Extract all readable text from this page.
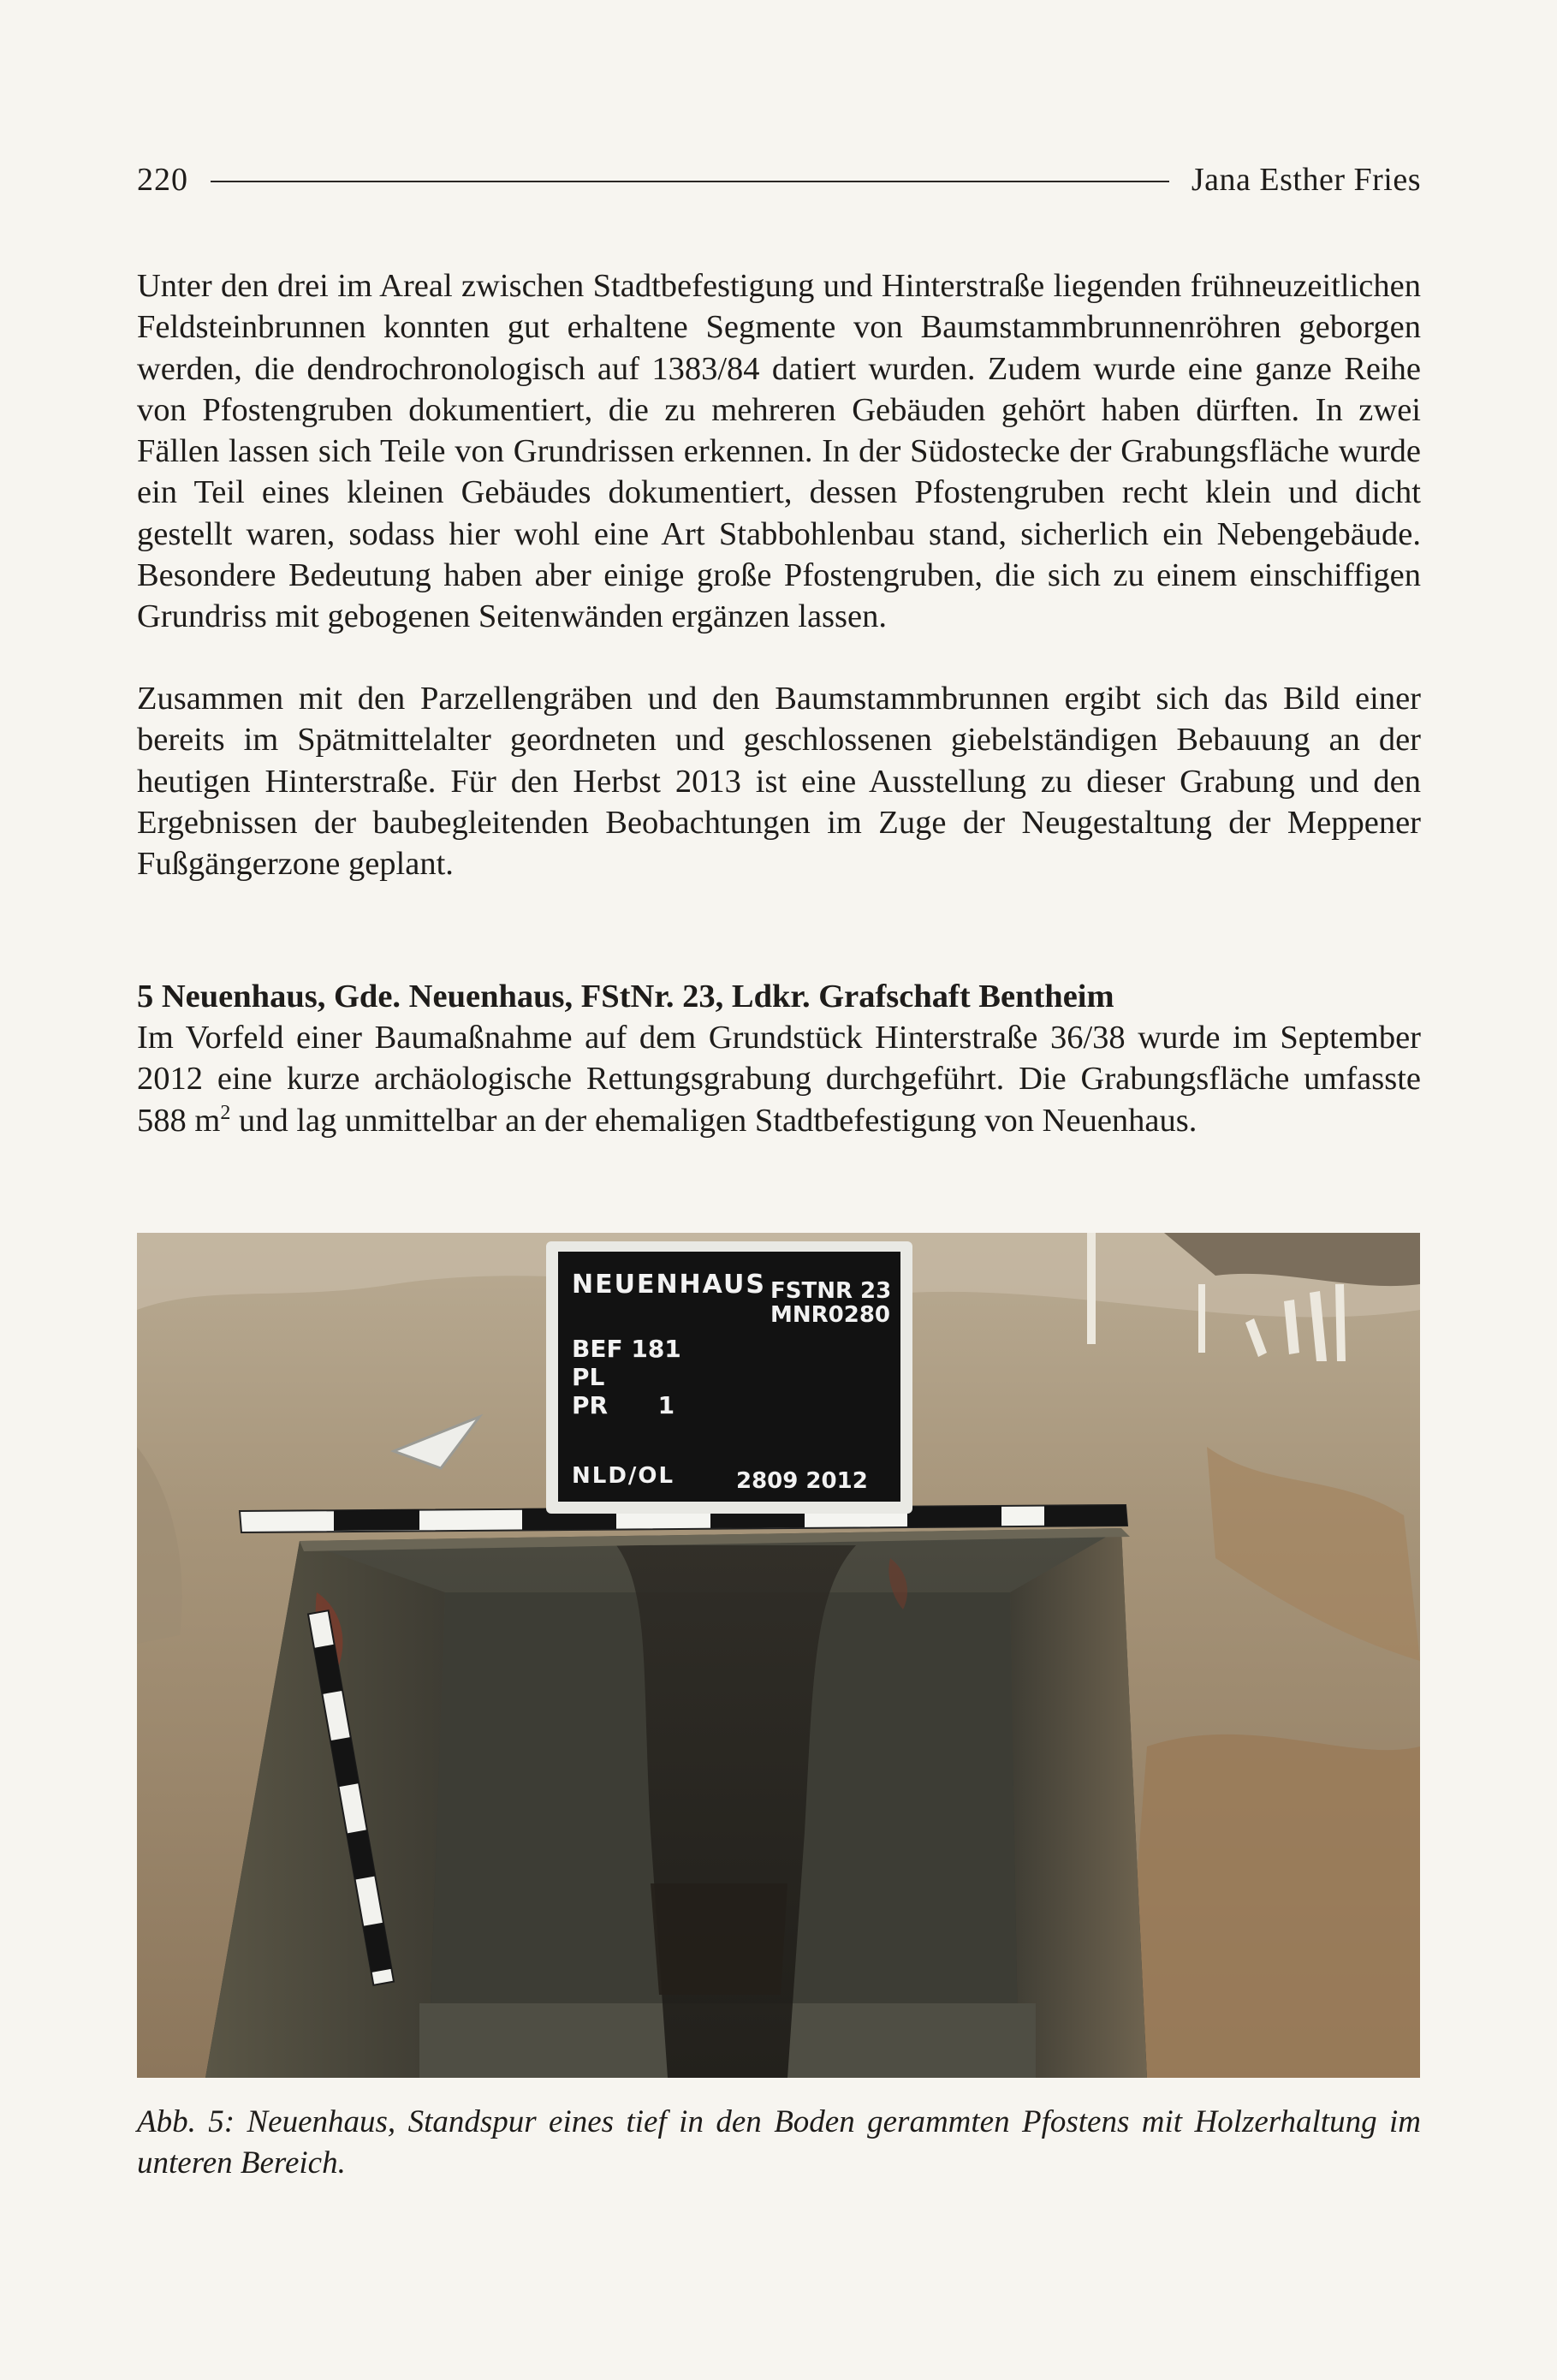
220	Jana Esther Fries

Unter den drei im Areal zwischen Stadtbefestigung und Hinterstraße liegenden frühneuzeitlichen Feldsteinbrunnen konnten gut erhaltene Segmente von Baumstammbrunnenröhren geborgen werden, die dendrochronologisch auf 1383/84 datiert wurden. Zudem wurde eine ganze Reihe von Pfostengruben dokumentiert, die zu mehreren Gebäuden gehört haben dürften. In zwei Fällen lassen sich Teile von Grundrissen erkennen. In der Südostecke der Grabungsfläche wurde ein Teil eines kleinen Gebäudes dokumentiert, dessen Pfostengruben recht klein und dicht gestellt waren, sodass hier wohl eine Art Stabbohlenbau stand, sicherlich ein Nebengebäude. Besondere Bedeutung haben aber einige große Pfostengruben, die sich zu einem einschiffigen Grundriss mit gebogenen Seitenwänden ergänzen lassen.

Zusammen mit den Parzellengräben und den Baumstammbrunnen ergibt sich das Bild einer bereits im Spätmittelalter geordneten und geschlossenen giebelständigen Bebauung an der heutigen Hinterstraße. Für den Herbst 2013 ist eine Ausstellung zu dieser Grabung und den Ergebnissen der baubegleitenden Beobachtungen im Zuge der Neugestaltung der Meppener Fußgängerzone geplant.

5 Neuenhaus, Gde. Neuenhaus, FStNr. 23, Ldkr. Grafschaft Bentheim

Im Vorfeld einer Baumaßnahme auf dem Grundstück Hinterstraße 36/38 wurde im September 2012 eine kurze archäologische Rettungsgrabung durchgeführt. Die Grabungsfläche umfasste 588 $m^2$ und lag unmittelbar an der ehemaligen Stadtbefestigung von Neuenhaus.

NEUENHAUS FSTNR 23
MNR0280
BEF 181
PL
PR      1
NLD/OL	2809 2012

Abb. 5: Neuenhaus, Standspur eines tief in den Boden gerammten Pfostens mit Holzerhaltung im unteren Bereich.
